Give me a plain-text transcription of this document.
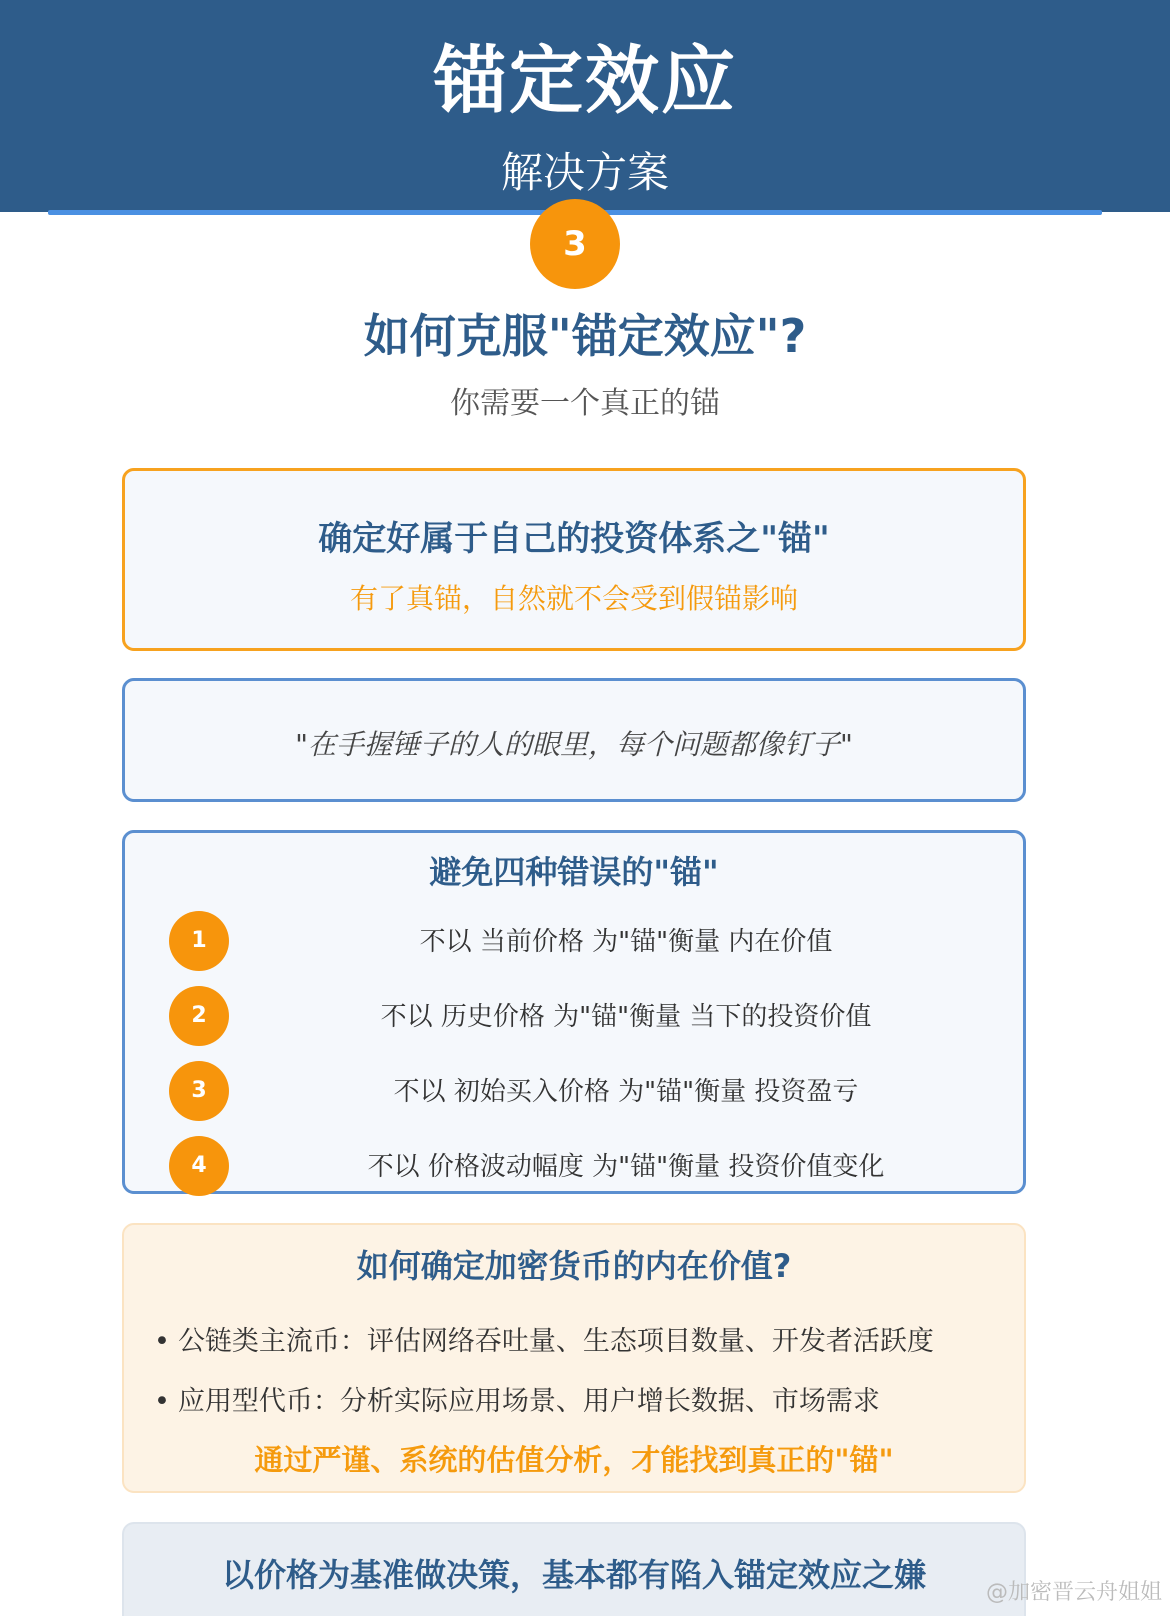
锚定效应
解决方案
3
如何克服"锚定效应"?
你需要一个真正的锚
确定好属于自己的投资体系之"锚"
有了真锚，自然就不会受到假锚影响
"在手握锤子的人的眼里，每个问题都像钉子"
避免四种错误的"锚"
1	不以 当前价格 为"锚"衡量 内在价值
2	不以 历史价格 为"锚"衡量 当下的投资价值
3	不以 初始买入价格 为"锚"衡量 投资盈亏
4	不以 价格波动幅度 为"锚"衡量 投资价值变化
如何确定加密货币的内在价值?
• 公链类主流币：评估网络吞吐量、生态项目数量、开发者活跃度
• 应用型代币：分析实际应用场景、用户增长数据、市场需求
通过严谨、系统的估值分析，才能找到真正的"锚"
以价格为基准做决策，基本都有陷入锚定效应之嫌	@加密晋云舟姐姐
